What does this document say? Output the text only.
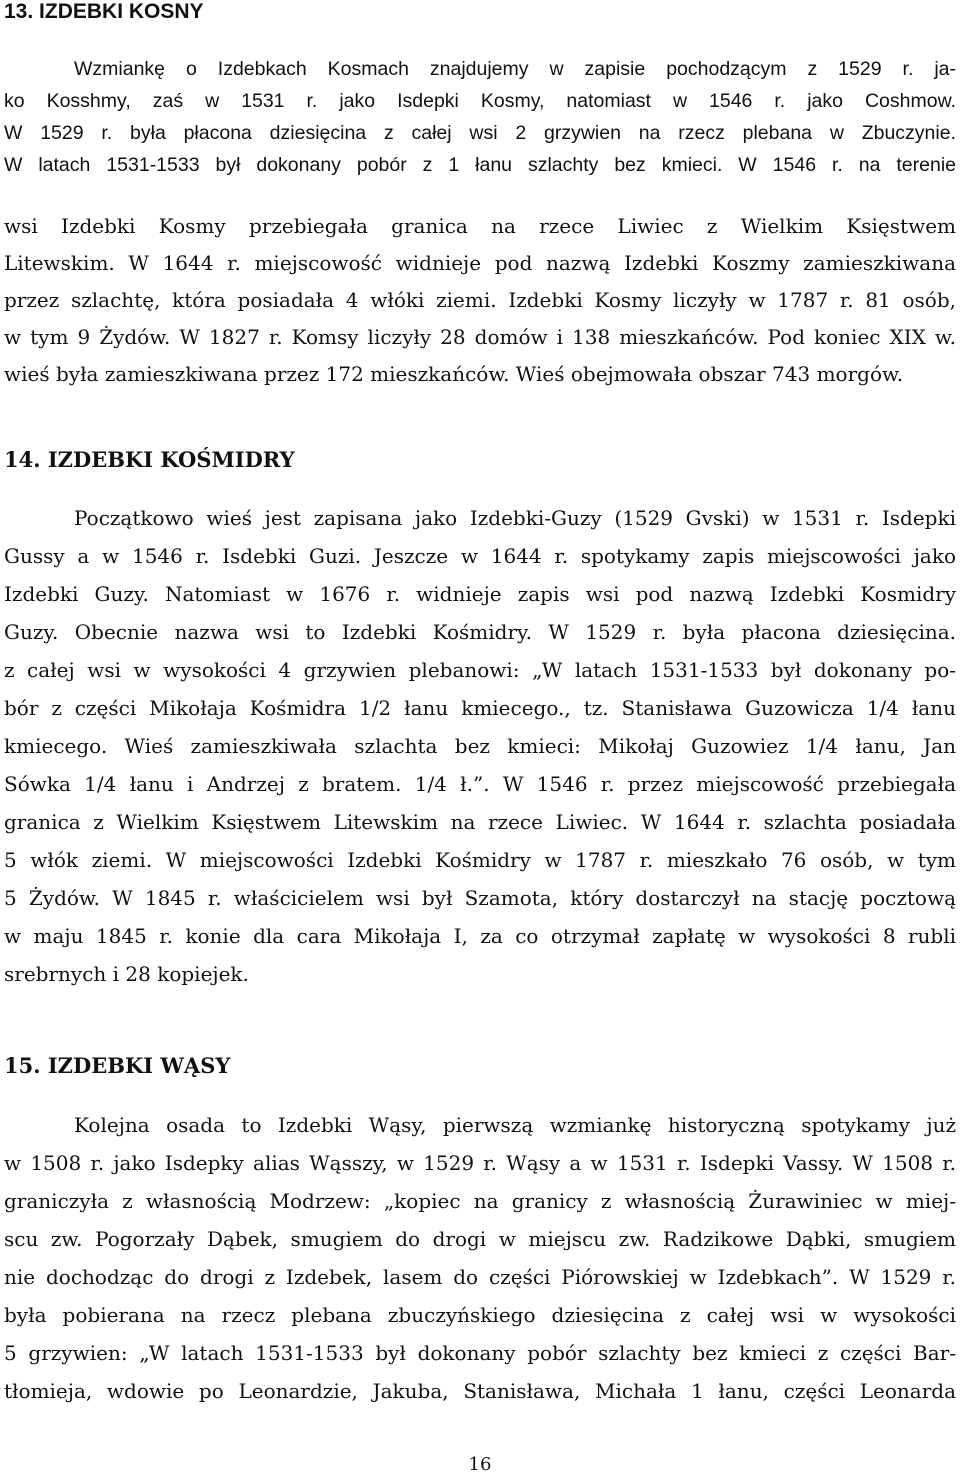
13. IZDEBKI KOSNY
Wzmiankę o Izdebkach Kosmach znajdujemy w zapisie pochodzącym z 1529 r. ja-
ko Kosshmy, zaś w 1531 r. jako Isdepki Kosmy, natomiast w 1546 r. jako Coshmow.
W 1529 r. była płacona dziesięcina z całej wsi 2 grzywien na rzecz plebana w Zbuczynie.
W latach 1531-1533 był dokonany pobór z 1 łanu szlachty bez kmieci. W 1546 r. na terenie
wsi Izdebki Kosmy przebiegała granica na rzece Liwiec z Wielkim Księstwem
Litewskim. W 1644 r. miejscowość widnieje pod nazwą Izdebki Koszmy zamieszkiwana
przez szlachtę, która posiadała 4 włóki ziemi. Izdebki Kosmy liczyły w 1787 r. 81 osób,
w tym 9 Żydów. W 1827 r. Komsy liczyły 28 domów i 138 mieszkańców. Pod koniec XIX w.
wieś była zamieszkiwana przez 172 mieszkańców. Wieś obejmowała obszar 743 morgów.
14. IZDEBKI KOŚMIDRY
Początkowo wieś jest zapisana jako Izdebki-Guzy (1529 Gvski) w 1531 r. Isdepki
Gussy a w 1546 r. Isdebki Guzi. Jeszcze w 1644 r. spotykamy zapis miejscowości jako
Izdebki Guzy. Natomiast w 1676 r. widnieje zapis wsi pod nazwą Izdebki Kosmidry
Guzy. Obecnie nazwa wsi to Izdebki Kośmidry. W 1529 r. była płacona dziesięcina.
z całej wsi w wysokości 4 grzywien plebanowi: „W latach 1531-1533 był dokonany po-
bór z części Mikołaja Kośmidra 1/2 łanu kmiecego., tz. Stanisława Guzowicza 1/4 łanu
kmiecego. Wieś zamieszkiwała szlachta bez kmieci: Mikołaj Guzowiez 1/4 łanu, Jan
Sówka 1/4 łanu i Andrzej z bratem. 1/4 ł.”. W 1546 r. przez miejscowość przebiegała
granica z Wielkim Księstwem Litewskim na rzece Liwiec. W 1644 r. szlachta posiadała
5 włók ziemi. W miejscowości Izdebki Kośmidry w 1787 r. mieszkało 76 osób, w tym
5 Żydów. W 1845 r. właścicielem wsi był Szamota, który dostarczył na stację pocztową
w maju 1845 r. konie dla cara Mikołaja I, za co otrzymał zapłatę w wysokości 8 rubli
srebrnych i 28 kopiejek.
15. IZDEBKI WĄSY
Kolejna osada to Izdebki Wąsy, pierwszą wzmiankę historyczną spotykamy już
w 1508 r. jako Isdepky alias Wąsszy, w 1529 r. Wąsy a w 1531 r. Isdepki Vassy. W 1508 r.
graniczyła z własnością Modrzew: „kopiec na granicy z własnością Żurawiniec w miej-
scu zw. Pogorzały Dąbek, smugiem do drogi w miejscu zw. Radzikowe Dąbki, smugiem
nie dochodząc do drogi z Izdebek, lasem do części Piórowskiej w Izdebkach”. W 1529 r.
była pobierana na rzecz plebana zbuczyńskiego dziesięcina z całej wsi w wysokości
5 grzywien: „W latach 1531-1533 był dokonany pobór szlachty bez kmieci z części Bar-
tłomieja, wdowie po Leonardzie, Jakuba, Stanisława, Michała 1 łanu, części Leonarda
16
